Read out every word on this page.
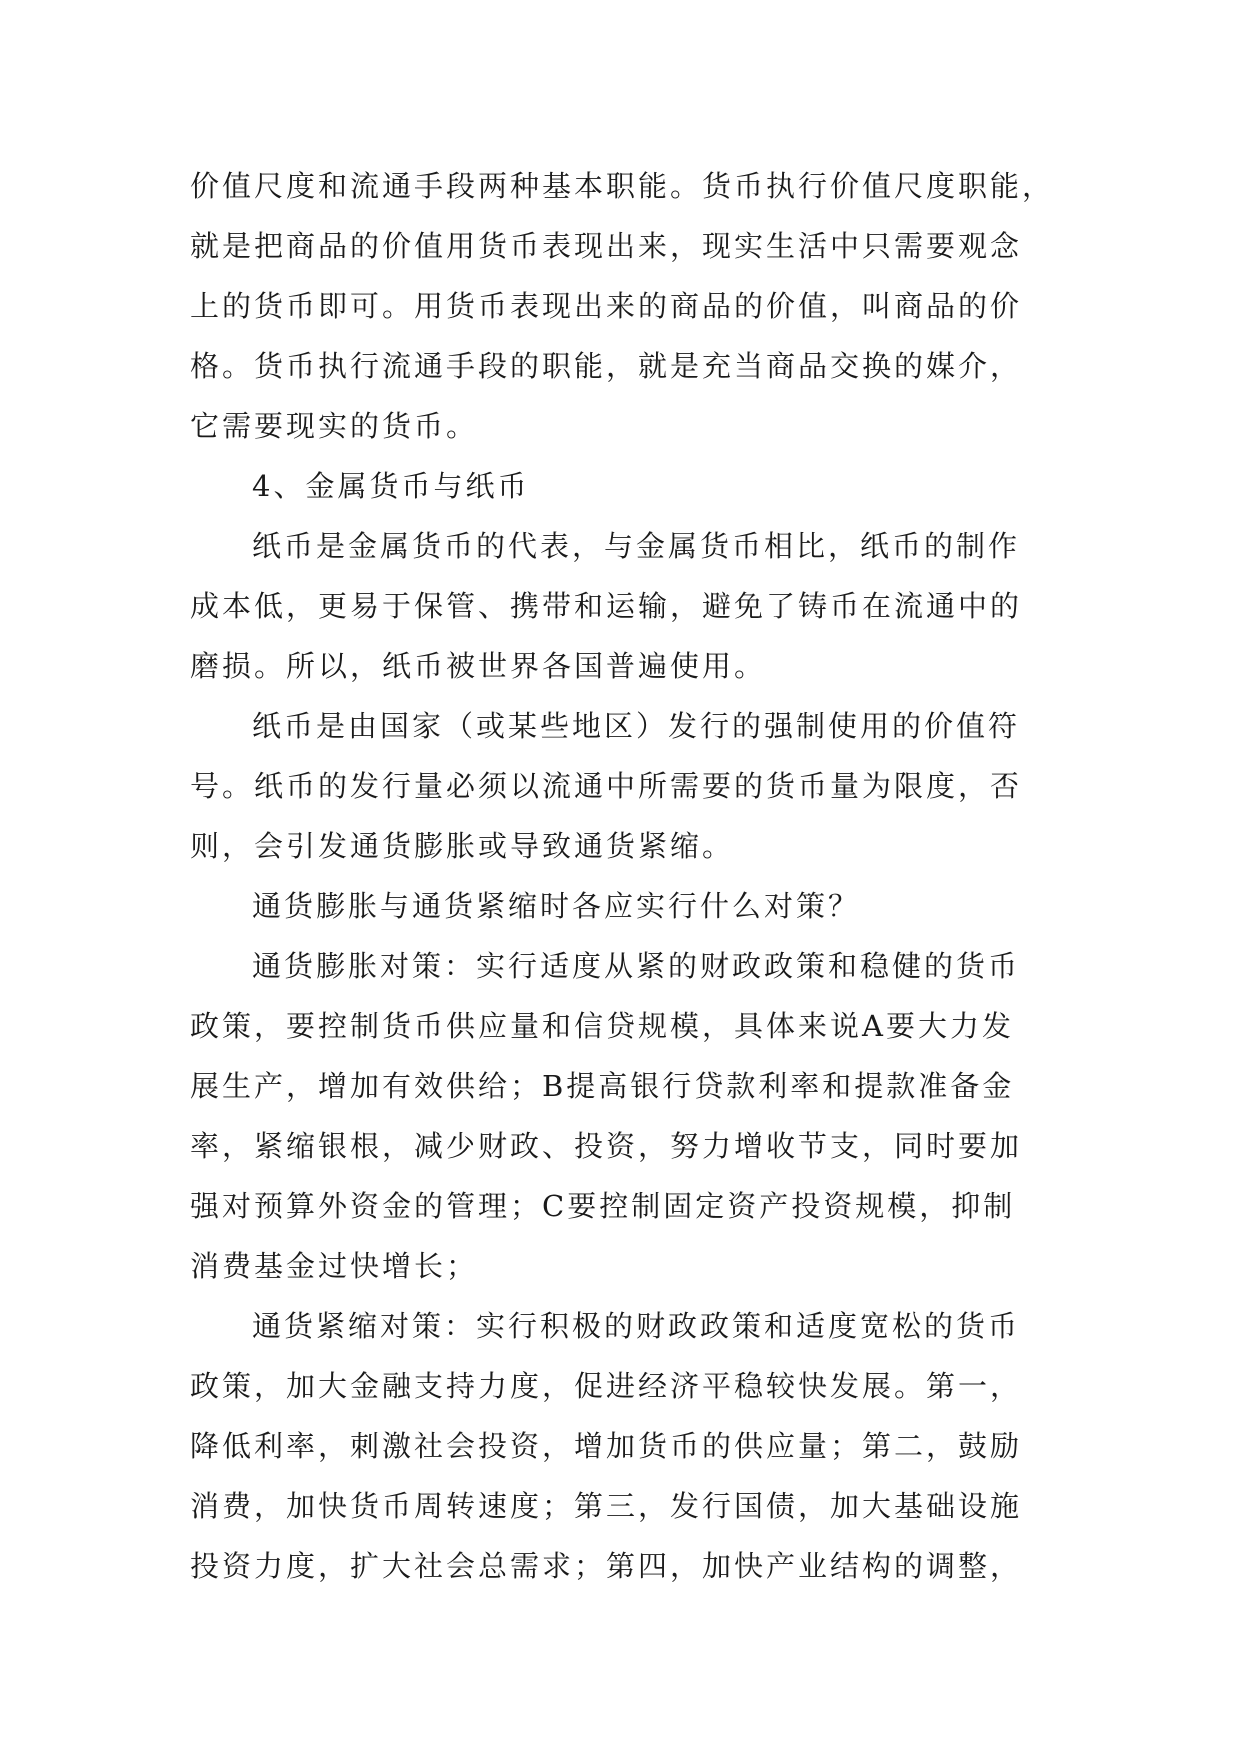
价值尺度和流通手段两种基本职能。货币执行价值尺度职能，
就是把商品的价值用货币表现出来，现实生活中只需要观念
上的货币即可。用货币表现出来的商品的价值，叫商品的价
格。货币执行流通手段的职能，就是充当商品交换的媒介，
它需要现实的货币。
4、金属货币与纸币
纸币是金属货币的代表，与金属货币相比，纸币的制作
成本低，更易于保管、携带和运输，避免了铸币在流通中的
磨损。所以，纸币被世界各国普遍使用。
纸币是由国家（或某些地区）发行的强制使用的价值符
号。纸币的发行量必须以流通中所需要的货币量为限度，否
则，会引发通货膨胀或导致通货紧缩。
通货膨胀与通货紧缩时各应实行什么对策？
通货膨胀对策：实行适度从紧的财政政策和稳健的货币
政策，要控制货币供应量和信贷规模，具体来说A要大力发
展生产，增加有效供给；B提高银行贷款利率和提款准备金
率，紧缩银根，减少财政、投资，努力增收节支，同时要加
强对预算外资金的管理；C要控制固定资产投资规模，抑制
消费基金过快增长；
通货紧缩对策：实行积极的财政政策和适度宽松的货币
政策，加大金融支持力度，促进经济平稳较快发展。第一，
降低利率，刺激社会投资，增加货币的供应量；第二，鼓励
消费，加快货币周转速度；第三，发行国债，加大基础设施
投资力度，扩大社会总需求；第四，加快产业结构的调整，
